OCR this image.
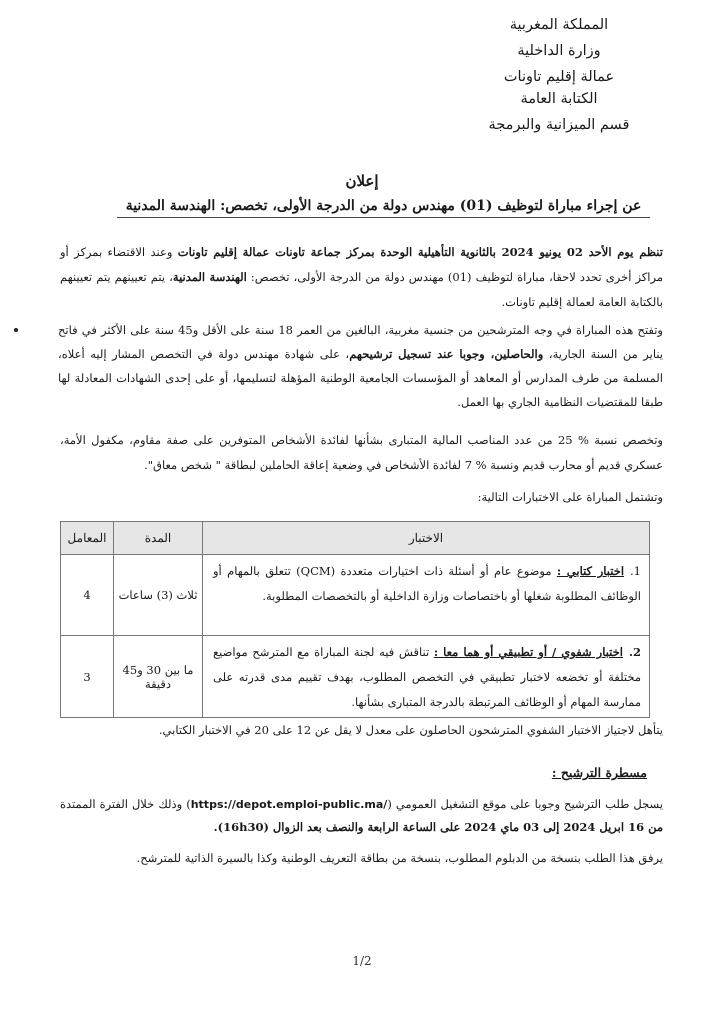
المملكة المغربية
وزارة الداخلية
عمالة إقليم تاونات
الكتابة العامة
قسم الميزانية والبرمجة
إعلان
عن إجراء مباراة لتوظيف (01) مهندس دولة من الدرجة الأولى، تخصص: الهندسة المدنية
تنظم يوم الأحد 02 يونيو 2024 بالثانوية التأهيلية الوحدة بمركز جماعة تاونات عمالة إقليم تاونات وعند الاقتضاء بمركز أو مراكز أخرى تحدد لاحقا، مباراة لتوظيف (01) مهندس دولة من الدرجة الأولى، تخصص: الهندسة المدنية، يتم تعيينهم يتم تعيينهم بالكتابة العامة لعمالة إقليم تاونات.
وتفتح هذه المباراة في وجه المترشحين من جنسية مغربية، البالغين من العمر 18 سنة على الأقل و45 سنة على الأكثر في فاتح يناير من السنة الجارية، والحاصلين، وجوبا عند تسجيل ترشيحهم، على شهادة مهندس دولة في التخصص المشار إليه أعلاه، المسلمة من طرف المدارس أو المعاهد أو المؤسسات الجامعية الوطنية المؤهلة لتسليمها، أو على إحدى الشهادات المعادلة لها طبقا للمقتضيات النظامية الجاري بها العمل.
وتخصص نسبة % 25 من عدد المناصب المالية المتبارى بشأنها لفائدة الأشخاص المتوفرين على صفة مقاوم، مكفول الأمة، عسكري قديم أو محارب قديم ونسبة % 7 لفائدة الأشخاص في وضعية إعاقة الحاملين لبطاقة " شخص معاق".
وتشتمل المباراة على الاختبارات التالية:
الاختبار	المدة	المعامل
1.اختبار كتابي : موضوع عام أو أسئلة ذات اختيارات متعددة (QCM) تتعلق بالمهام أو الوظائف المطلوبة شغلها أو باختصاصات وزارة الداخلية أو بالتخصصات المطلوبة.	ثلاث (3) ساعات	4
2.اختبار شفوي / أو تطبيقي أو هما معا : تناقش فيه لجنة المباراة مع المترشح مواضيع مختلفة أو تخضعه لاختبار تطبيقي في التخصص المطلوب، بهدف تقييم مدى قدرته على ممارسة المهام أو الوظائف المرتبطة بالدرجة المتبارى بشأنها.	ما بين 30 و45 دقيقة	3
يتأهل لاجتياز الاختبار الشفوي المترشحون الحاصلون على معدل لا يقل عن 12 على 20 في الاختبار الكتابي.
مسطرة الترشيح :
يسجل طلب الترشيح وجوبا على موقع التشغيل العمومي (https://depot.emploi-public.ma/) وذلك خلال الفترة الممتدة من 16 ابريل 2024 إلى 03 ماي 2024 على الساعة الرابعة والنصف بعد الزوال (16h30).
يرفق هذا الطلب بنسخة من الدبلوم المطلوب، بنسخة من بطاقة التعريف الوطنية وكذا بالسيرة الذاتية للمترشح.
1/2
